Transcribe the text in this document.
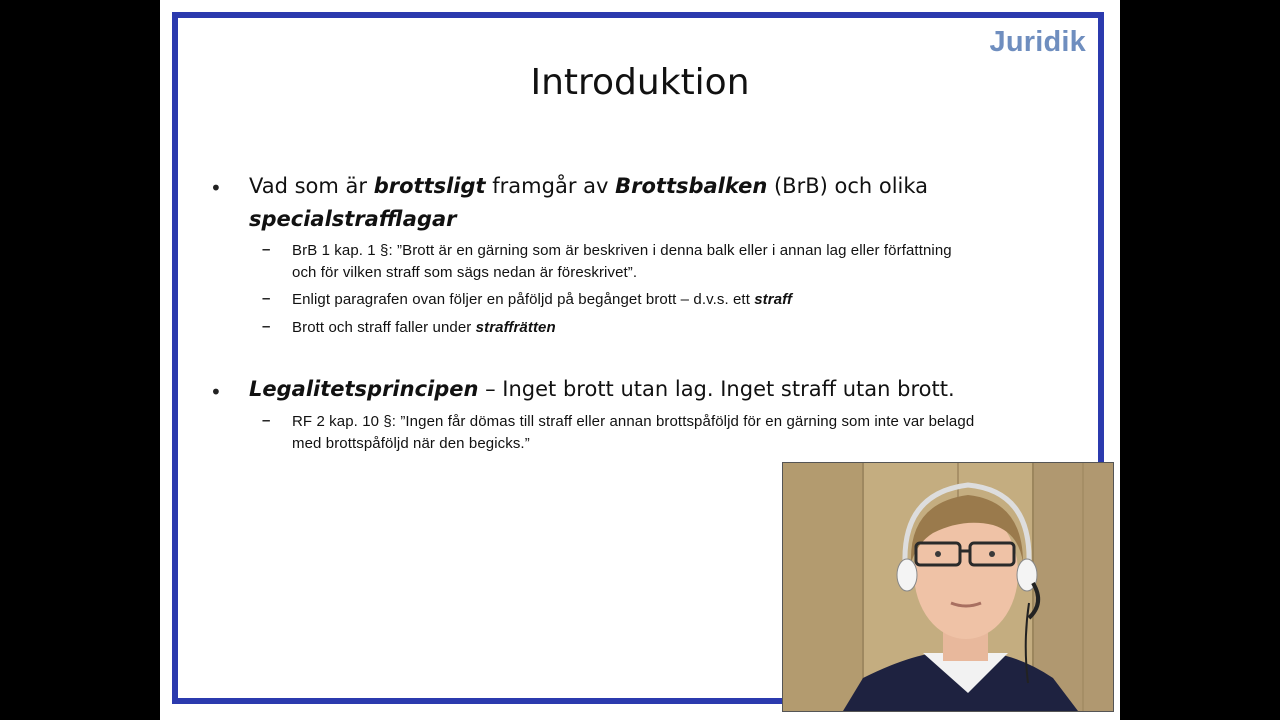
Juridik
Introduktion
• Vad som är brottsligt framgår av Brottsbalken (BrB) och olika
specialstrafflagar
– BrB 1 kap. 1 §: ”Brott är en gärning som är beskriven i denna balk eller i annan lag eller författning
och för vilken straff som sägs nedan är föreskrivet”.
– Enligt paragrafen ovan följer en påföljd på begånget brott – d.v.s. ett straff
– Brott och straff faller under straffrätten
• Legalitetsprincipen – Inget brott utan lag. Inget straff utan brott.
– RF 2 kap. 10 §: ”Ingen får dömas till straff eller annan brottspåföljd för en gärning som inte var belagd
med brottspåföljd när den begicks.”
